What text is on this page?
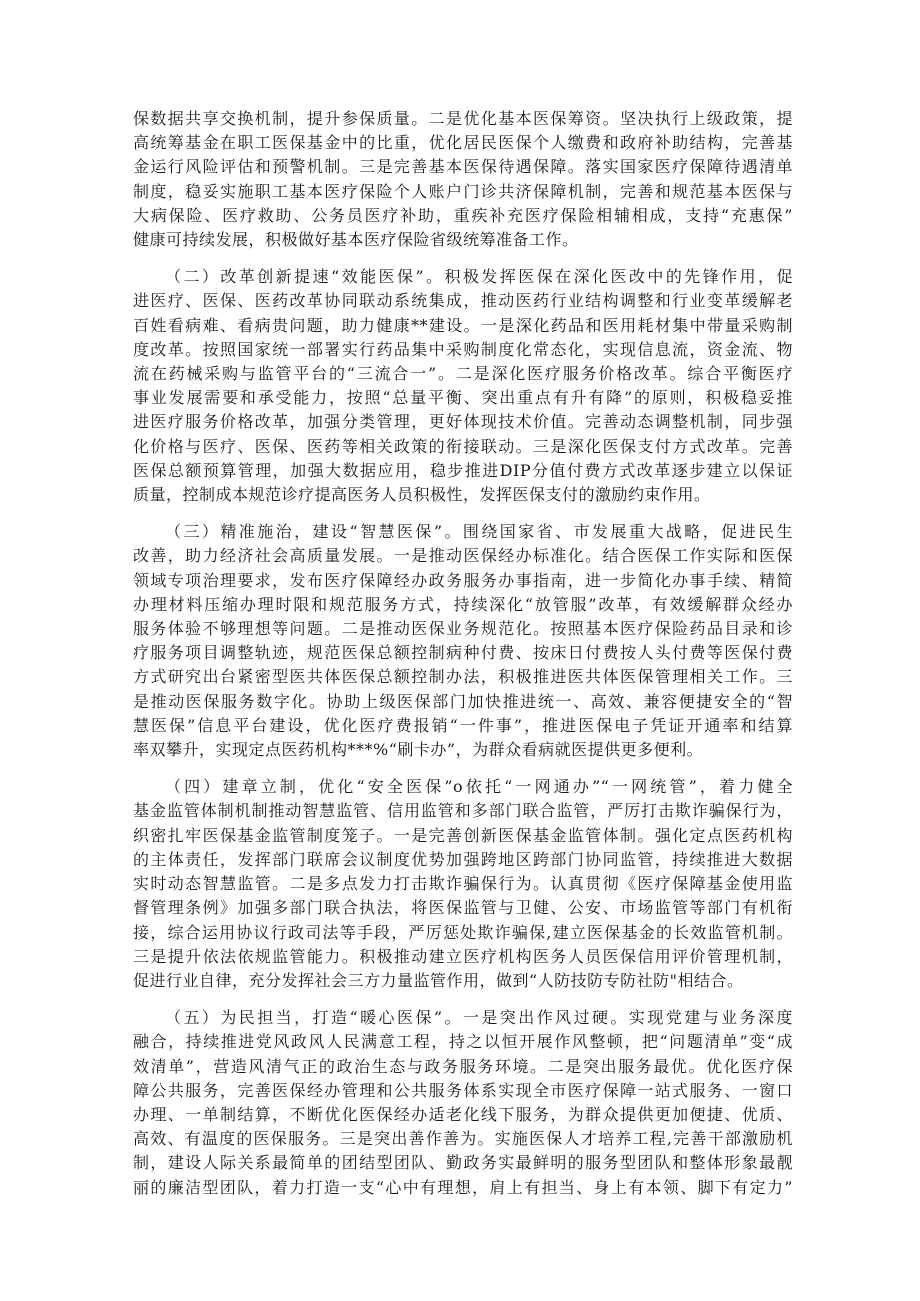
保数据共享交换机制，提升参保质量。二是优化基本医保筹资。坚决执行上级政策，提
高统筹基金在职工医保基金中的比重，优化居民医保个人缴费和政府补助结构，完善基
金运行风险评估和预警机制。三是完善基本医保待遇保障。落实国家医疗保障待遇清单
制度，稳妥实施职工基本医疗保险个人账户门诊共济保障机制，完善和规范基本医保与
大病保险、医疗救助、公务员医疗补助，重疾补充医疗保险相辅相成，支持“充惠保”
健康可持续发展，积极做好基本医疗保险省级统筹准备工作。
（二）改革创新提速“效能医保”。积极发挥医保在深化医改中的先锋作用，促
进医疗、医保、医药改革协同联动系统集成，推动医药行业结构调整和行业变革缓解老
百姓看病难、看病贵问题，助力健康**建设。一是深化药品和医用耗材集中带量采购制
度改革。按照国家统一部署实行药品集中采购制度化常态化，实现信息流，资金流、物
流在药械采购与监管平台的“三流合一”。二是深化医疗服务价格改革。综合平衡医疗
事业发展需要和承受能力，按照“总量平衡、突出重点有升有降”的原则，积极稳妥推
进医疗服务价格改革，加强分类管理，更好体现技术价值。完善动态调整机制，同步强
化价格与医疗、医保、医药等相关政策的衔接联动。三是深化医保支付方式改革。完善
医保总额预算管理，加强大数据应用，稳步推进DIP分值付费方式改革逐步建立以保证
质量，控制成本规范诊疗提高医务人员积极性，发挥医保支付的激励约束作用。
（三）精准施治，建设“智慧医保”。围绕国家省、市发展重大战略，促进民生
改善，助力经济社会高质量发展。一是推动医保经办标准化。结合医保工作实际和医保
领域专项治理要求，发布医疗保障经办政务服务办事指南，进一步简化办事手续、精简
办理材料压缩办理时限和规范服务方式，持续深化“放管服”改革，有效缓解群众经办
服务体验不够理想等问题。二是推动医保业务规范化。按照基本医疗保险药品目录和诊
疗服务项目调整轨迹，规范医保总额控制病种付费、按床日付费按人头付费等医保付费
方式研究出台紧密型医共体医保总额控制办法，积极推进医共体医保管理相关工作。三
是推动医保服务数字化。协助上级医保部门加快推进统一、高效、兼容便捷安全的“智
慧医保”信息平台建设，优化医疗费报销“一件事”，推进医保电子凭证开通率和结算
率双攀升，实现定点医药机构***%“刷卡办”，为群众看病就医提供更多便利。
（四）建章立制，优化“安全医保”o依托“一网通办”“一网统管”，着力健全
基金监管体制机制推动智慧监管、信用监管和多部门联合监管，严厉打击欺诈骗保行为，
织密扎牢医保基金监管制度笼子。一是完善创新医保基金监管体制。强化定点医药机构
的主体责任，发挥部门联席会议制度优势加强跨地区跨部门协同监管，持续推进大数据
实时动态智慧监管。二是多点发力打击欺诈骗保行为。认真贯彻《医疗保障基金使用监
督管理条例》加强多部门联合执法，将医保监管与卫健、公安、市场监管等部门有机衔
接，综合运用协议行政司法等手段，严厉惩处欺诈骗保,建立医保基金的长效监管机制。
三是提升依法依规监管能力。积极推动建立医疗机构医务人员医保信用评价管理机制，
促进行业自律，充分发挥社会三方力量监管作用，做到“人防技防专防社防"相结合。
（五）为民担当，打造“暖心医保”。一是突出作风过硬。实现党建与业务深度
融合，持续推进党风政风人民满意工程，持之以恒开展作风整顿，把“问题清单”变“成
效清单”，营造风清气正的政治生态与政务服务环境。二是突出服务最优。优化医疗保
障公共服务，完善医保经办管理和公共服务体系实现全市医疗保障一站式服务、一窗口
办理、一单制结算，不断优化医保经办适老化线下服务，为群众提供更加便捷、优质、
高效、有温度的医保服务。三是突出善作善为。实施医保人才培养工程,完善干部激励机
制，建设人际关系最简单的团结型团队、勤政务实最鲜明的服务型团队和整体形象最靓
丽的廉洁型团队，着力打造一支“心中有理想，肩上有担当、身上有本领、脚下有定力”
